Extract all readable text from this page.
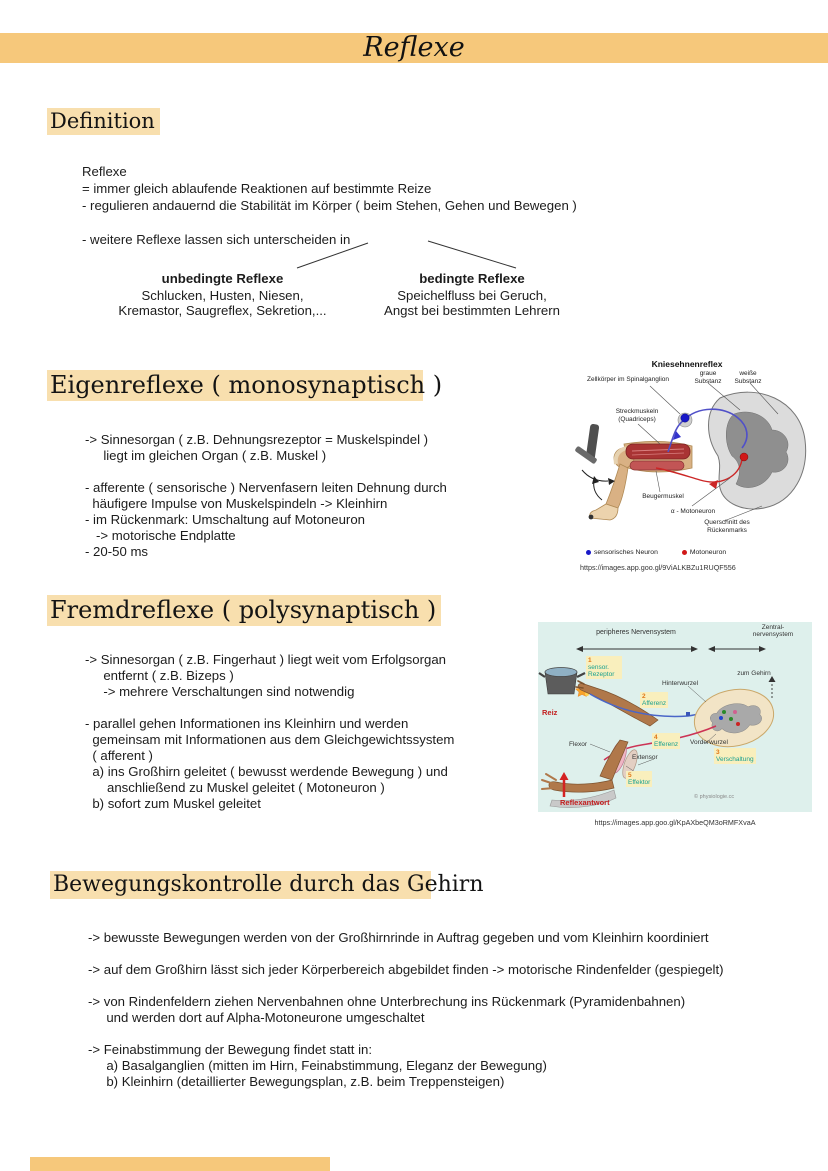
Reflexe
Definition
Reflexe
= immer gleich ablaufende Reaktionen auf bestimmte Reize
- regulieren andauernd die Stabilität im Körper ( beim Stehen, Gehen und Bewegen )
- weitere Reflexe lassen sich unterscheiden in
unbedingte Reflexe
Schlucken, Husten, Niesen,
Kremastor, Saugreflex, Sekretion,...
bedingte Reflexe
Speichelfluss bei Geruch,
Angst bei bestimmten Lehrern
Eigenreflexe ( monosynaptisch )
-> Sinnesorgan ( z.B. Dehnungsrezeptor = Muskelspindel )
liegt im gleichen Organ ( z.B. Muskel )
- afferente ( sensorische ) Nervenfasern leiten Dehnung durch
häufigere Impulse von Muskelspindeln -> Kleinhirn
- im Rückenmark: Umschaltung auf Motoneuron
-> motorische Endplatte
- 20-50 ms
Kniesehnenreflex
Zellkörper im Spinalganglion
graue Substanz
weiße Substanz
Streckmuskeln (Quadriceps)
Beugermuskel
α - Motoneuron
Querschnitt des Rückenmarks
sensorisches Neuron	Motoneuron
https://images.app.goo.gl/9ViALKBZu1RUQF556
Fremdreflexe ( polysynaptisch )
-> Sinnesorgan ( z.B. Fingerhaut ) liegt weit vom Erfolgsorgan
entfernt ( z.B. Bizeps )
-> mehrere Verschaltungen sind notwendig
- parallel gehen Informationen ins Kleinhirn und werden
gemeinsam mit Informationen aus dem Gleichgewichtssystem
( afferent )
a) ins Großhirn geleitet ( bewusst werdende Bewegung ) und
anschließend zu Muskel geleitet ( Motoneuron )
b) sofort zum Muskel geleitet
peripheres Nervensystem
Zentral-nervensystem
zum Gehirn
Hinterwurzel
Vorderwurzel
Flexor
Extensor
1
sensor. Rezeptor
2
Afferenz
4
Efferenz
3
Verschaltung
5
Effektor
Reiz
Reflexantwort
© physiologie.cc
https://images.app.goo.gl/KpAXbeQM3oRMFXvaA
Bewegungskontrolle durch das Gehirn
-> bewusste Bewegungen werden von der Großhirnrinde in Auftrag gegeben und vom Kleinhirn koordiniert
-> auf dem Großhirn lässt sich jeder Körperbereich abgebildet finden -> motorische Rindenfelder (gespiegelt)
-> von Rindenfeldern ziehen Nervenbahnen ohne Unterbrechung ins Rückenmark (Pyramidenbahnen)
und werden dort auf Alpha-Motoneurone umgeschaltet
-> Feinabstimmung der Bewegung findet statt in:
a) Basalganglien (mitten im Hirn, Feinabstimmung, Eleganz der Bewegung)
b) Kleinhirn (detaillierter Bewegungsplan, z.B. beim Treppensteigen)
